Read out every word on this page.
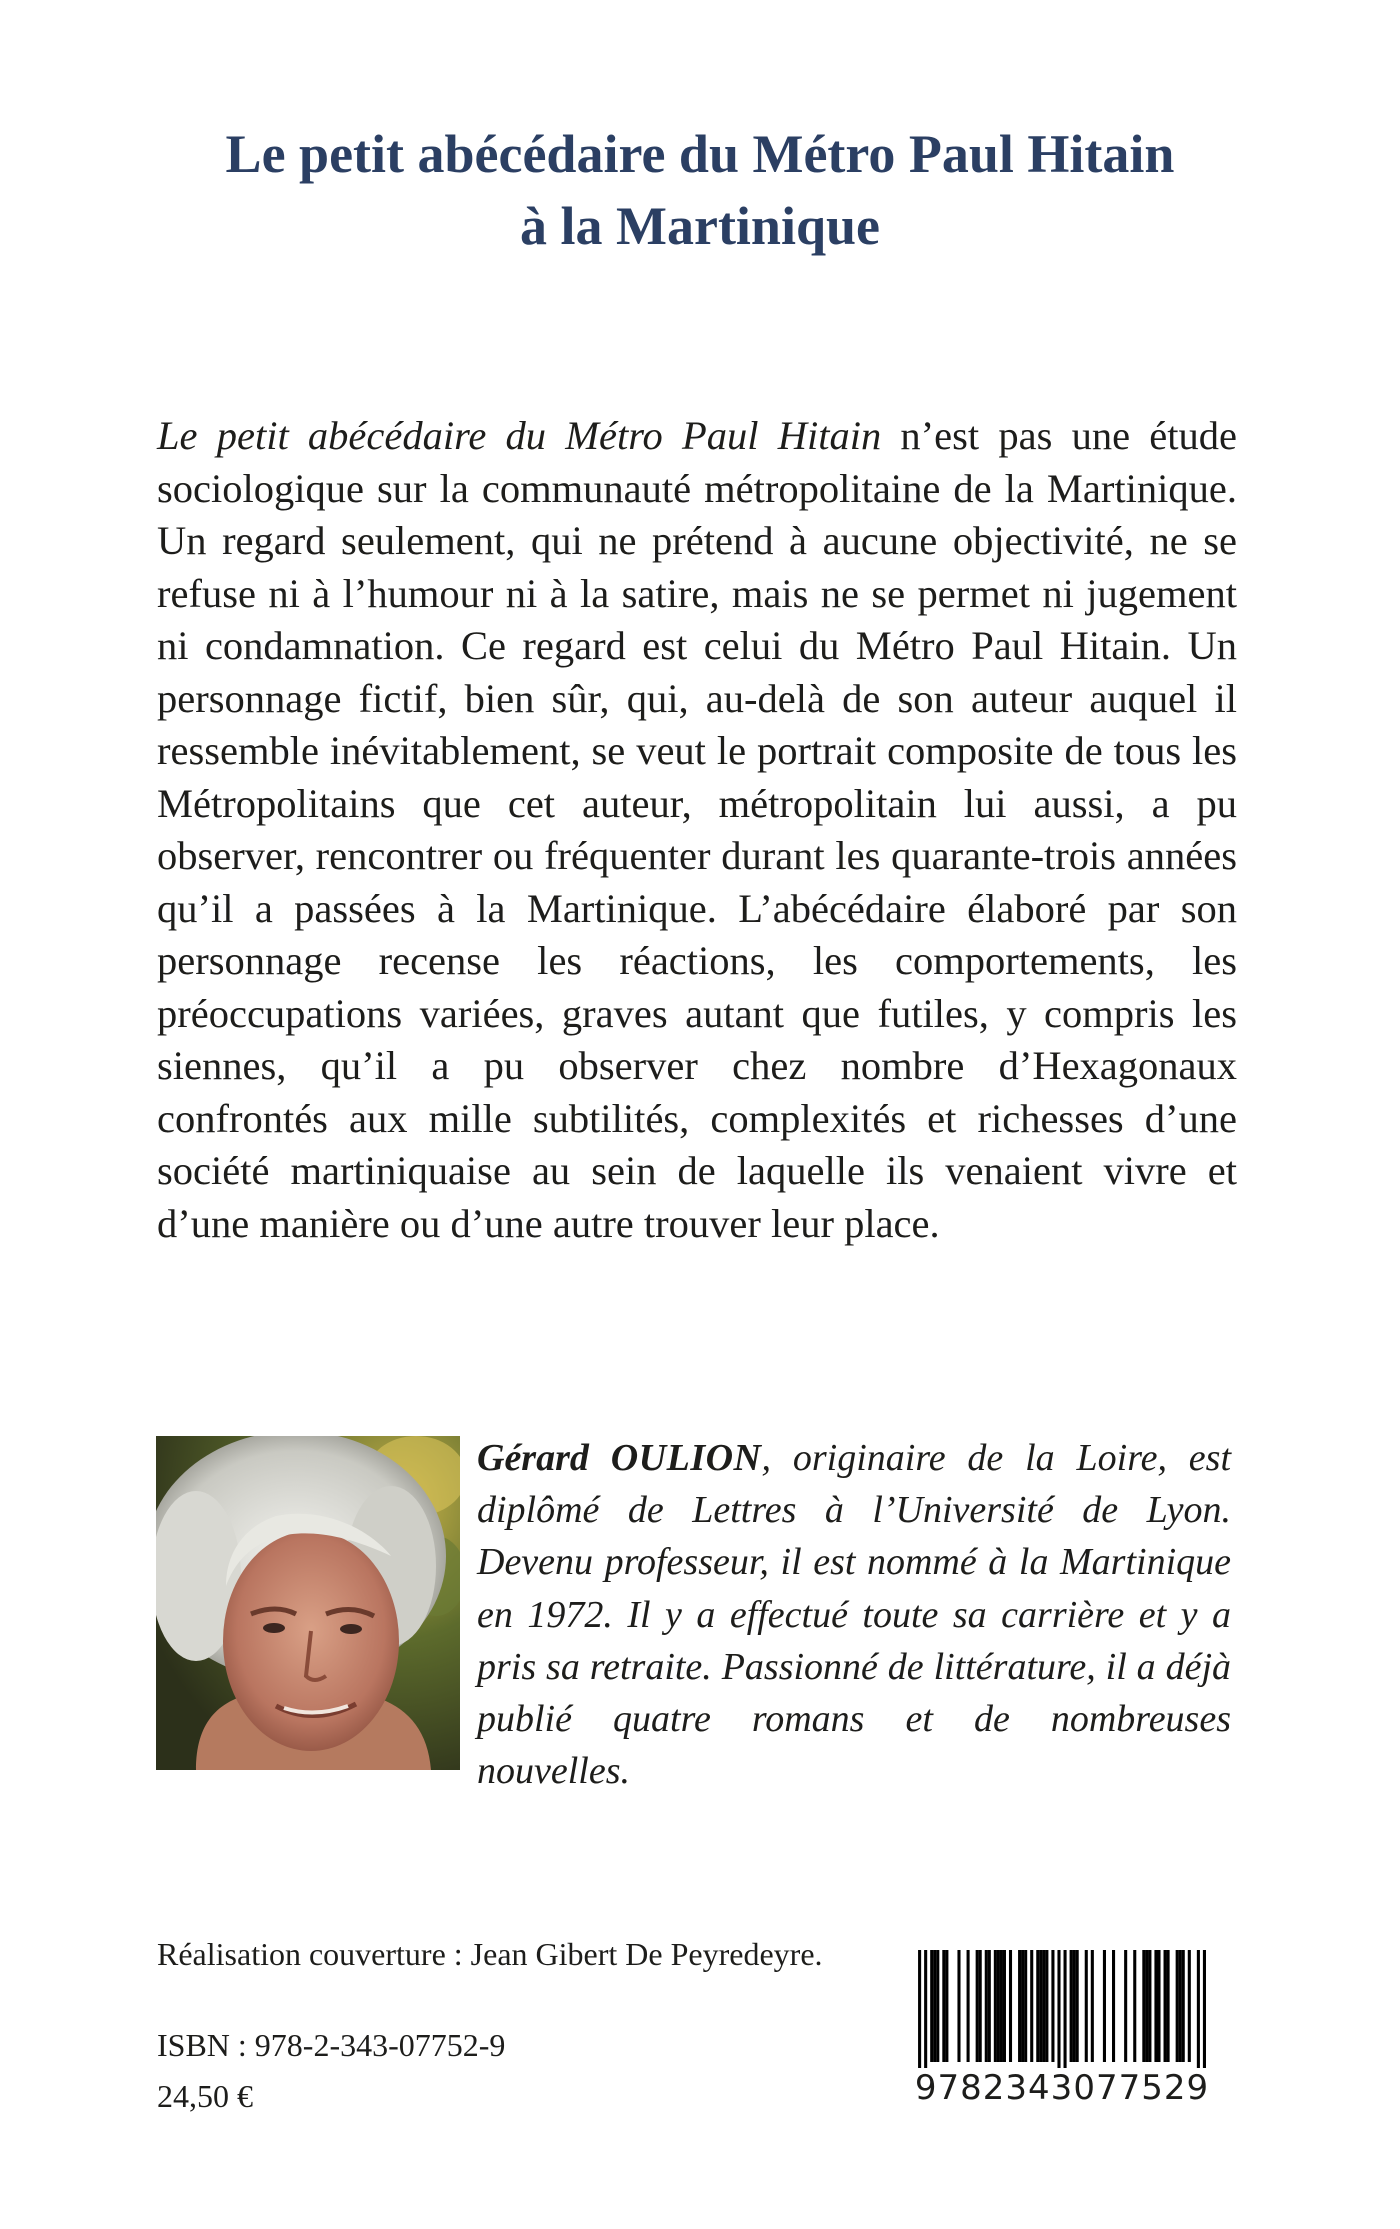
Le petit abécédaire du Métro Paul Hitain
à la Martinique
Le petit abécédaire du Métro Paul Hitain n’est pas une étude sociologique sur la communauté métropolitaine de la Martinique. Un regard seulement, qui ne prétend à aucune objectivité, ne se refuse ni à l’humour ni à la satire, mais ne se permet ni jugement ni condamnation. Ce regard est celui du Métro Paul Hitain. Un personnage fictif, bien sûr, qui, au-delà de son auteur auquel il ressemble inévitablement, se veut le portrait composite de tous les Métropolitains que cet auteur, métropolitain lui aussi, a pu observer, rencontrer ou fréquenter durant les quarante-trois années qu’il a passées à la Martinique. L’abécédaire élaboré par son personnage recense les réactions, les comportements, les préoccupations variées, graves autant que futiles, y compris les siennes, qu’il a pu observer chez nombre d’Hexagonaux confrontés aux mille subtilités, complexités et richesses d’une société martiniquaise au sein de laquelle ils venaient vivre et d’une manière ou d’une autre trouver leur place.
Gérard OULION, originaire de la Loire, est diplômé de Lettres à l’Université de Lyon. Devenu professeur, il est nommé à la Martinique en 1972. Il y a effectué toute sa carrière et y a pris sa retraite. Passionné de littérature, il a déjà publié quatre romans et de nombreuses nouvelles.
Réalisation couverture : Jean Gibert De Peyredeyre.
ISBN : 978-2-343-07752-9
24,50 €	9782343077529
